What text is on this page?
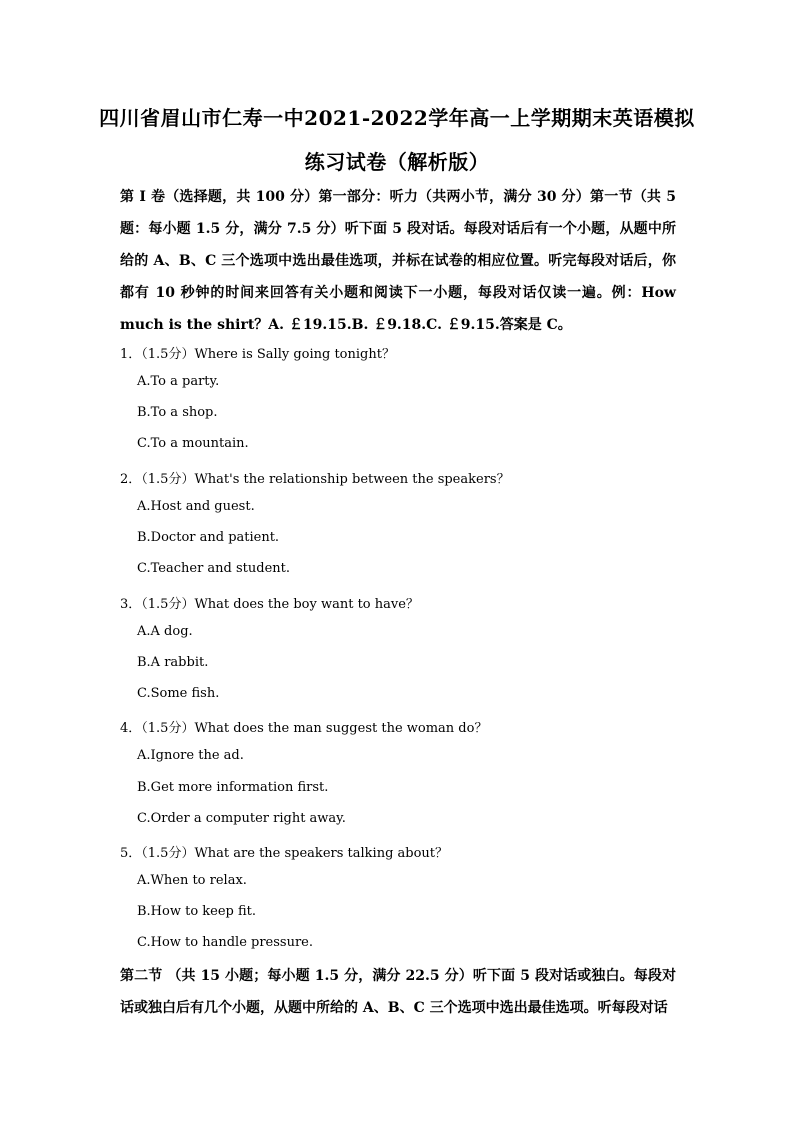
四川省眉山市仁寿一中2021-2022学年高一上学期期末英语模拟
练习试卷（解析版）
第 I 卷（选择题，共 100 分）第一部分：听力（共两小节，满分 30 分）第一节（共 5 题：每小题 1.5 分，满分 7.5 分）听下面 5 段对话。每段对话后有一个小题，从题中所给的 A、B、C 三个选项中选出最佳选项，并标在试卷的相应位置。听完每段对话后，你都有 10 秒钟的时间来回答有关小题和阅读下一小题，每段对话仅读一遍。例：How much is the shirt？A. ￡19.15.B. ￡9.18.C. ￡9.15.答案是 C。
1．（1.5分）Where is Sally going tonight？
A.To a party.
B.To a shop.
C.To a mountain.
2．（1.5分）What's the relationship between the speakers？
A.Host and guest.
B.Doctor and patient.
C.Teacher and student.
3．（1.5分）What does the boy want to have？
A.A dog.
B.A rabbit.
C.Some fish.
4．（1.5分）What does the man suggest the woman do？
A.Ignore the ad.
B.Get more information first.
C.Order a computer right away.
5．（1.5分）What are the speakers talking about？
A.When to relax.
B.How to keep fit.
C.How to handle pressure.
第二节 （共 15 小题；每小题 1.5 分，满分 22.5 分）听下面 5 段对话或独白。每段对话或独白后有几个小题，从题中所给的 A、B、C 三个选项中选出最佳选项。听每段对话
